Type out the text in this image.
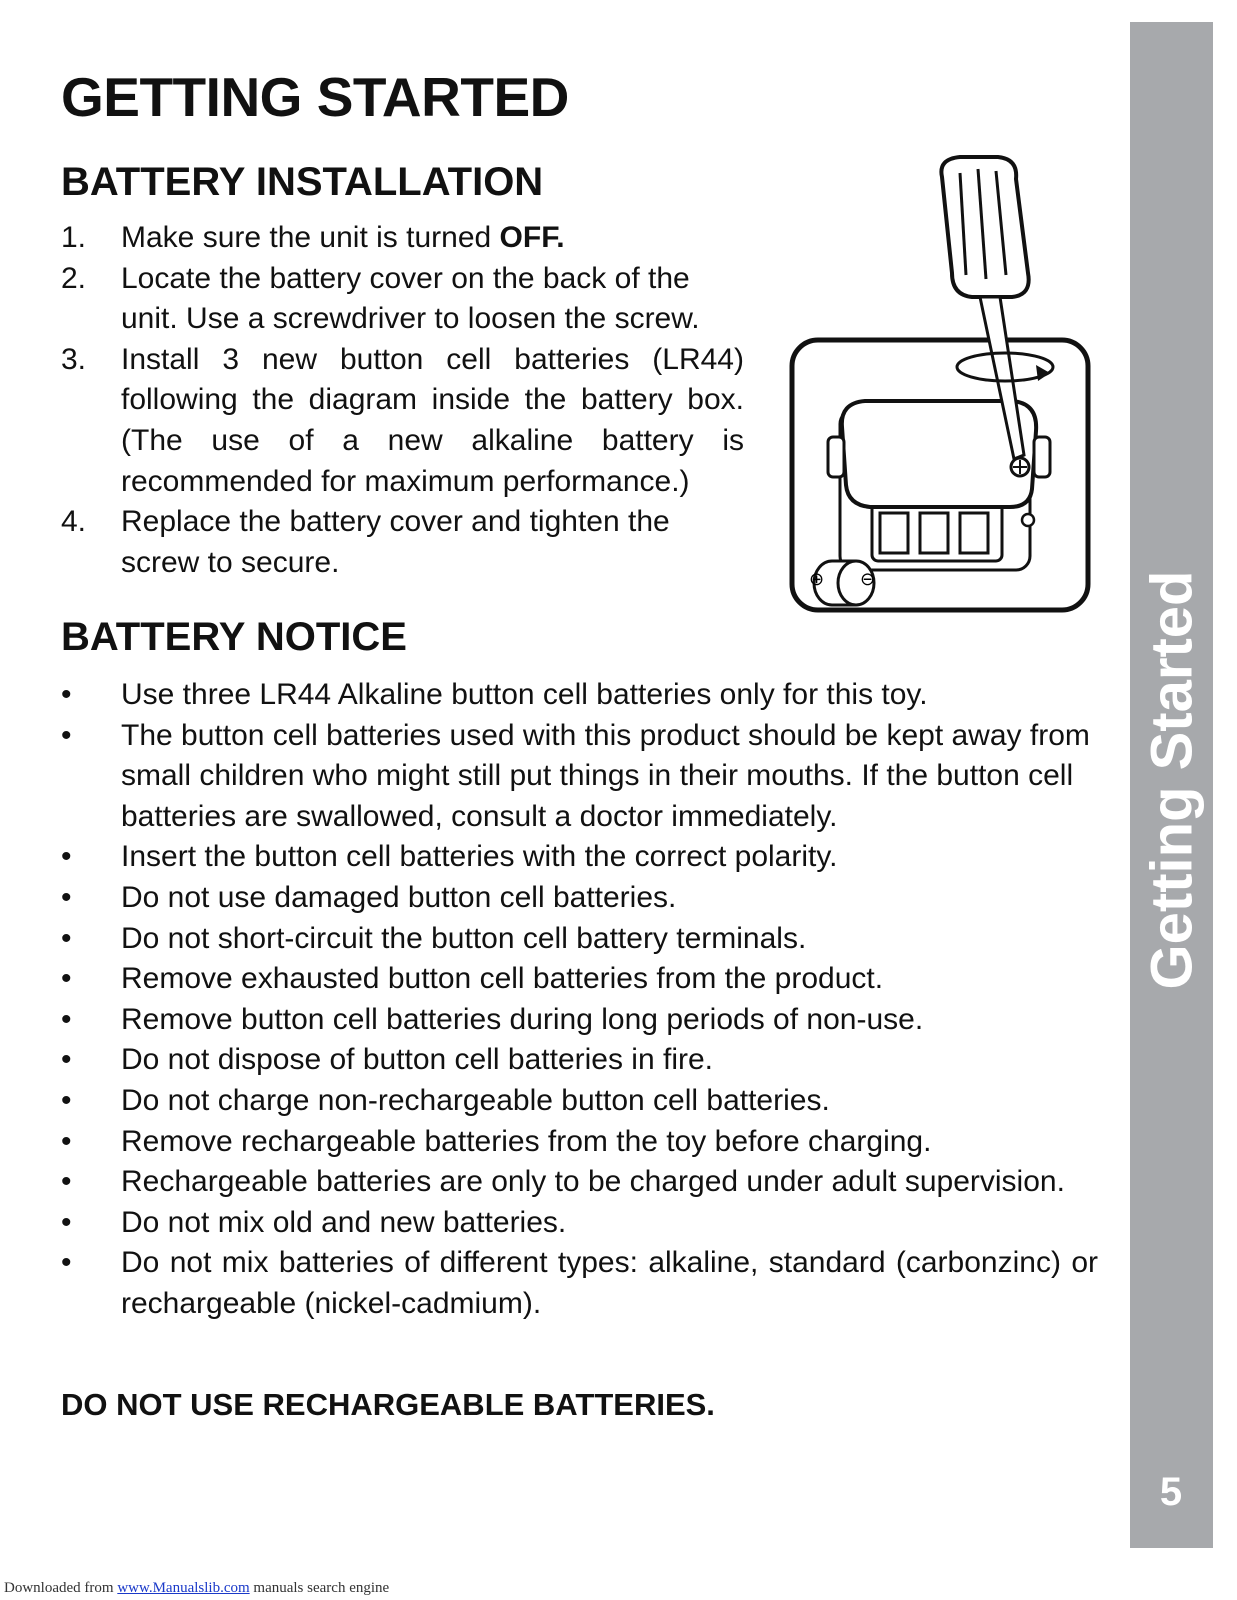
GETTING STARTED
BATTERY INSTALLATION
1. Make sure the unit is turned OFF.
2. Locate the battery cover on the back of the unit. Use a screwdriver to loosen the screw.
3. Install 3 new button cell batteries (LR44) following the diagram inside the battery box. (The use of a new alkaline battery is recommended for maximum performance.)
4. Replace the battery cover and tighten the screw to secure.
⊕ ⊖
BATTERY NOTICE
• Use three LR44 Alkaline button cell batteries only for this toy.
• The button cell batteries used with this product should be kept away from small children who might still put things in their mouths. If the button cell batteries are swallowed, consult a doctor immediately.
• Insert the button cell batteries with the correct polarity.
• Do not use damaged button cell batteries.
• Do not short-circuit the button cell battery terminals.
• Remove exhausted button cell batteries from the product.
• Remove button cell batteries during long periods of non-use.
• Do not dispose of button cell batteries in fire.
• Do not charge non-rechargeable button cell batteries.
• Remove rechargeable batteries from the toy before charging.
• Rechargeable batteries are only to be charged under adult supervision.
• Do not mix old and new batteries.
• Do not mix batteries of different types: alkaline, standard (carbonzinc) or rechargeable (nickel-cadmium).

DO NOT USE RECHARGEABLE BATTERIES.

Getting Started
5
Downloaded from www.Manualslib.com manuals search engine
